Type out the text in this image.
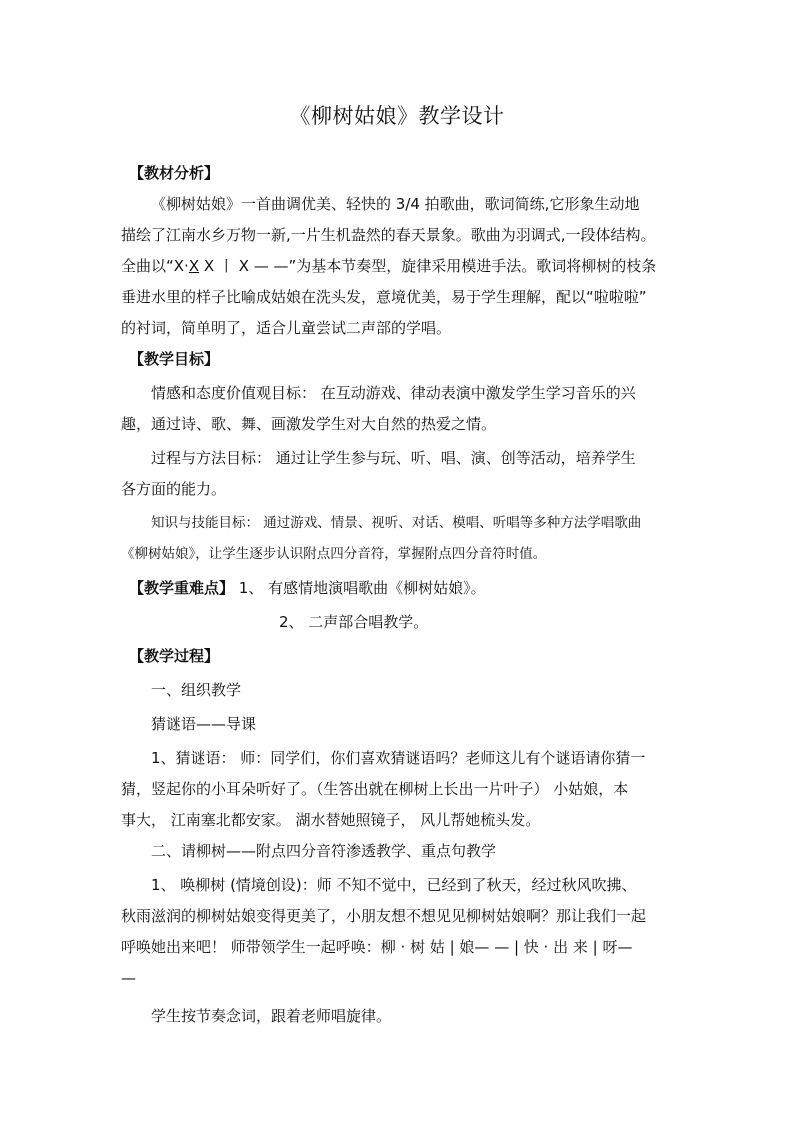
《柳树姑娘》教学设计
【教材分析】
《柳树姑娘》一首曲调优美、轻快的 3/4 拍歌曲，歌词简练,它形象生动地
描绘了江南水乡万物一新,一片生机盎然的春天景象。歌曲为羽调式,一段体结构。
全曲以“X·X X 丨 X — —”为基本节奏型，旋律采用模进手法。歌词将柳树的枝条
垂进水里的样子比喻成姑娘在洗头发，意境优美，易于学生理解，配以“啦啦啦”
的衬词，简单明了，适合儿童尝试二声部的学唱。
【教学目标】
情感和态度价值观目标： 在互动游戏、律动表演中激发学生学习音乐的兴
趣，通过诗、歌、舞、画激发学生对大自然的热爱之情。
过程与方法目标： 通过让学生参与玩、听、唱、演、创等活动，培养学生
各方面的能力。
知识与技能目标： 通过游戏、情景、视听、对话、模唱、听唱等多种方法学唱歌曲
《柳树姑娘》，让学生逐步认识附点四分音符，掌握附点四分音符时值。
【教学重难点】 1、 有感情地演唱歌曲《柳树姑娘》。
2、 二声部合唱教学。
【教学过程】
一、组织教学
猜谜语——导课
1、猜谜语： 师：同学们，你们喜欢猜谜语吗？老师这儿有个谜语请你猜一
猜，竖起你的小耳朵听好了。（生答出就在柳树上长出一片叶子） 小姑娘，本
事大， 江南塞北都安家。 湖水替她照镜子， 风儿帮她梳头发。
二、请柳树——附点四分音符渗透教学、重点句教学
1、 唤柳树 (情境创设)：师 不知不觉中，已经到了秋天，经过秋风吹拂、
秋雨滋润的柳树姑娘变得更美了，小朋友想不想见见柳树姑娘啊？那让我们一起
呼唤她出来吧！ 师带领学生一起呼唤：柳 · 树 姑 | 娘— — | 快 · 出 来 | 呀—
—
学生按节奏念词，跟着老师唱旋律。
